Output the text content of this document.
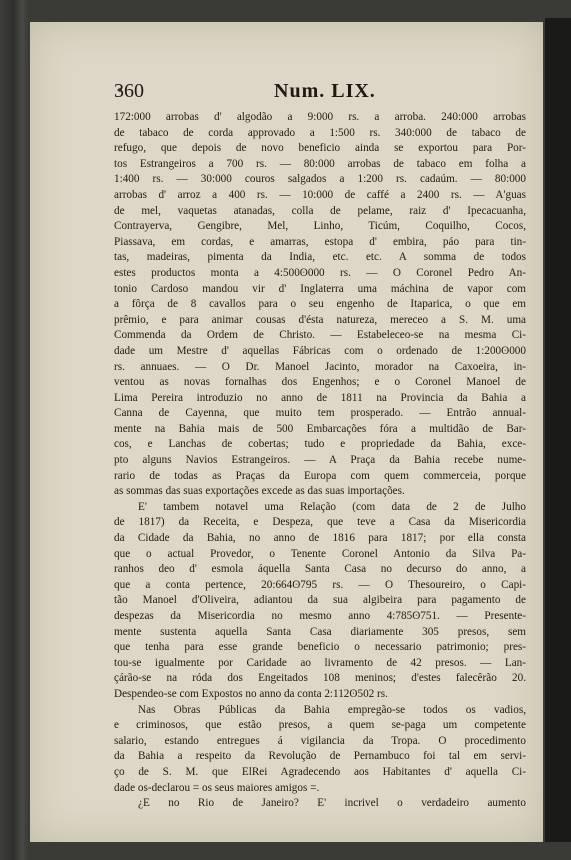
360	Num. LIX.
172:000 arrobas d' algodão a 9:000 rs. a arroba. 240:000 arrobas
de tabaco de corda approvado a 1:500 rs. 340:000 de tabaco de
refugo, que depois de novo beneficio ainda se exportou para Por-
tos Estrangeiros a 700 rs. — 80:000 arrobas de tabaco em folha a
1:400 rs. — 30:000 couros salgados a 1:200 rs. cadaúm. — 80:000
arrobas d' arroz a 400 rs. — 10:000 de caffé a 2400 rs. — A'guas
de mel, vaquetas atanadas, colla de pelame, raiz d' Ipecacuanha,
Contrayerva, Gengibre, Mel, Linho, Ticúm, Coquilho, Cocos,
Piassava, em cordas, e amarras, estopa d' embira, páo para tin-
tas, madeiras, pimenta da India, etc. etc. A somma de todos
estes productos monta a 4:500ʘ000 rs. — O Coronel Pedro An-
tonio Cardoso mandou vir d' Inglaterra uma máchina de vapor com
a fôrça de 8 cavallos para o seu engenho de Itaparica, o que em
prêmio, e para animar cousas d'ésta natureza, mereceo a S. M. uma
Commenda da Ordem de Christo. — Estabeleceo-se na mesma Ci-
dade um Mestre d' aquellas Fábricas com o ordenado de 1:200ʘ000
rs. annuaes. — O Dr. Manoel Jacinto, morador na Caxoeira, in-
ventou as novas fornalhas dos Engenhos; e o Coronel Manoel de
Lima Pereira introduzio no anno de 1811 na Provincia da Bahia a
Canna de Cayenna, que muito tem prosperado. — Entrão annual-
mente na Bahia mais de 500 Embarcações fóra a multidão de Bar-
cos, e Lanchas de cobertas; tudo e propriedade da Bahia, exce-
pto alguns Navios Estrangeiros. — A Praça da Bahia recebe nume-
rario de todas as Praças da Europa com quem commerceia, porque
as sommas das suas exportações excede as das suas importações.
E' tambem notavel uma Relação (com data de 2 de Julho
de 1817) da Receita, e Despeza, que teve a Casa da Misericordia
da Cidade da Bahia, no anno de 1816 para 1817; por ella consta
que o actual Provedor, o Tenente Coronel Antonio da Silva Pa-
ranhos deo d' esmola áquella Santa Casa no decurso do anno, a
que a conta pertence, 20:664ʘ795 rs. — O Thesoureiro, o Capi-
tão Manoel d'Oliveira, adiantou da sua algibeira para pagamento de
despezas da Misericordia no mesmo anno 4:785ʘ751. — Presente-
mente sustenta aquella Santa Casa diariamente 305 presos, sem
que tenha para esse grande beneficio o necessario patrimonio; pres-
tou-se igualmente por Caridade ao livramento de 42 presos. — Lan-
çárão-se na róda dos Engeitados 108 meninos; d'estes falecêrão 20.
Despendeo-se com Expostos no anno da conta 2:112ʘ502 rs.
Nas Obras Públicas da Bahia empregão-se todos os vadios,
e criminosos, que estão presos, a quem se-paga um competente
salario, estando entregues á vigilancia da Tropa. O procedimento
da Bahia a respeito da Revolução de Pernambuco foi tal em servi-
ço de S. M. que ElRei Agradecendo aos Habitantes d' aquella Ci-
dade os-declarou = os seus maiores amigos =.
¿E no Rio de Janeiro? E' incrivel o verdadeiro aumento
